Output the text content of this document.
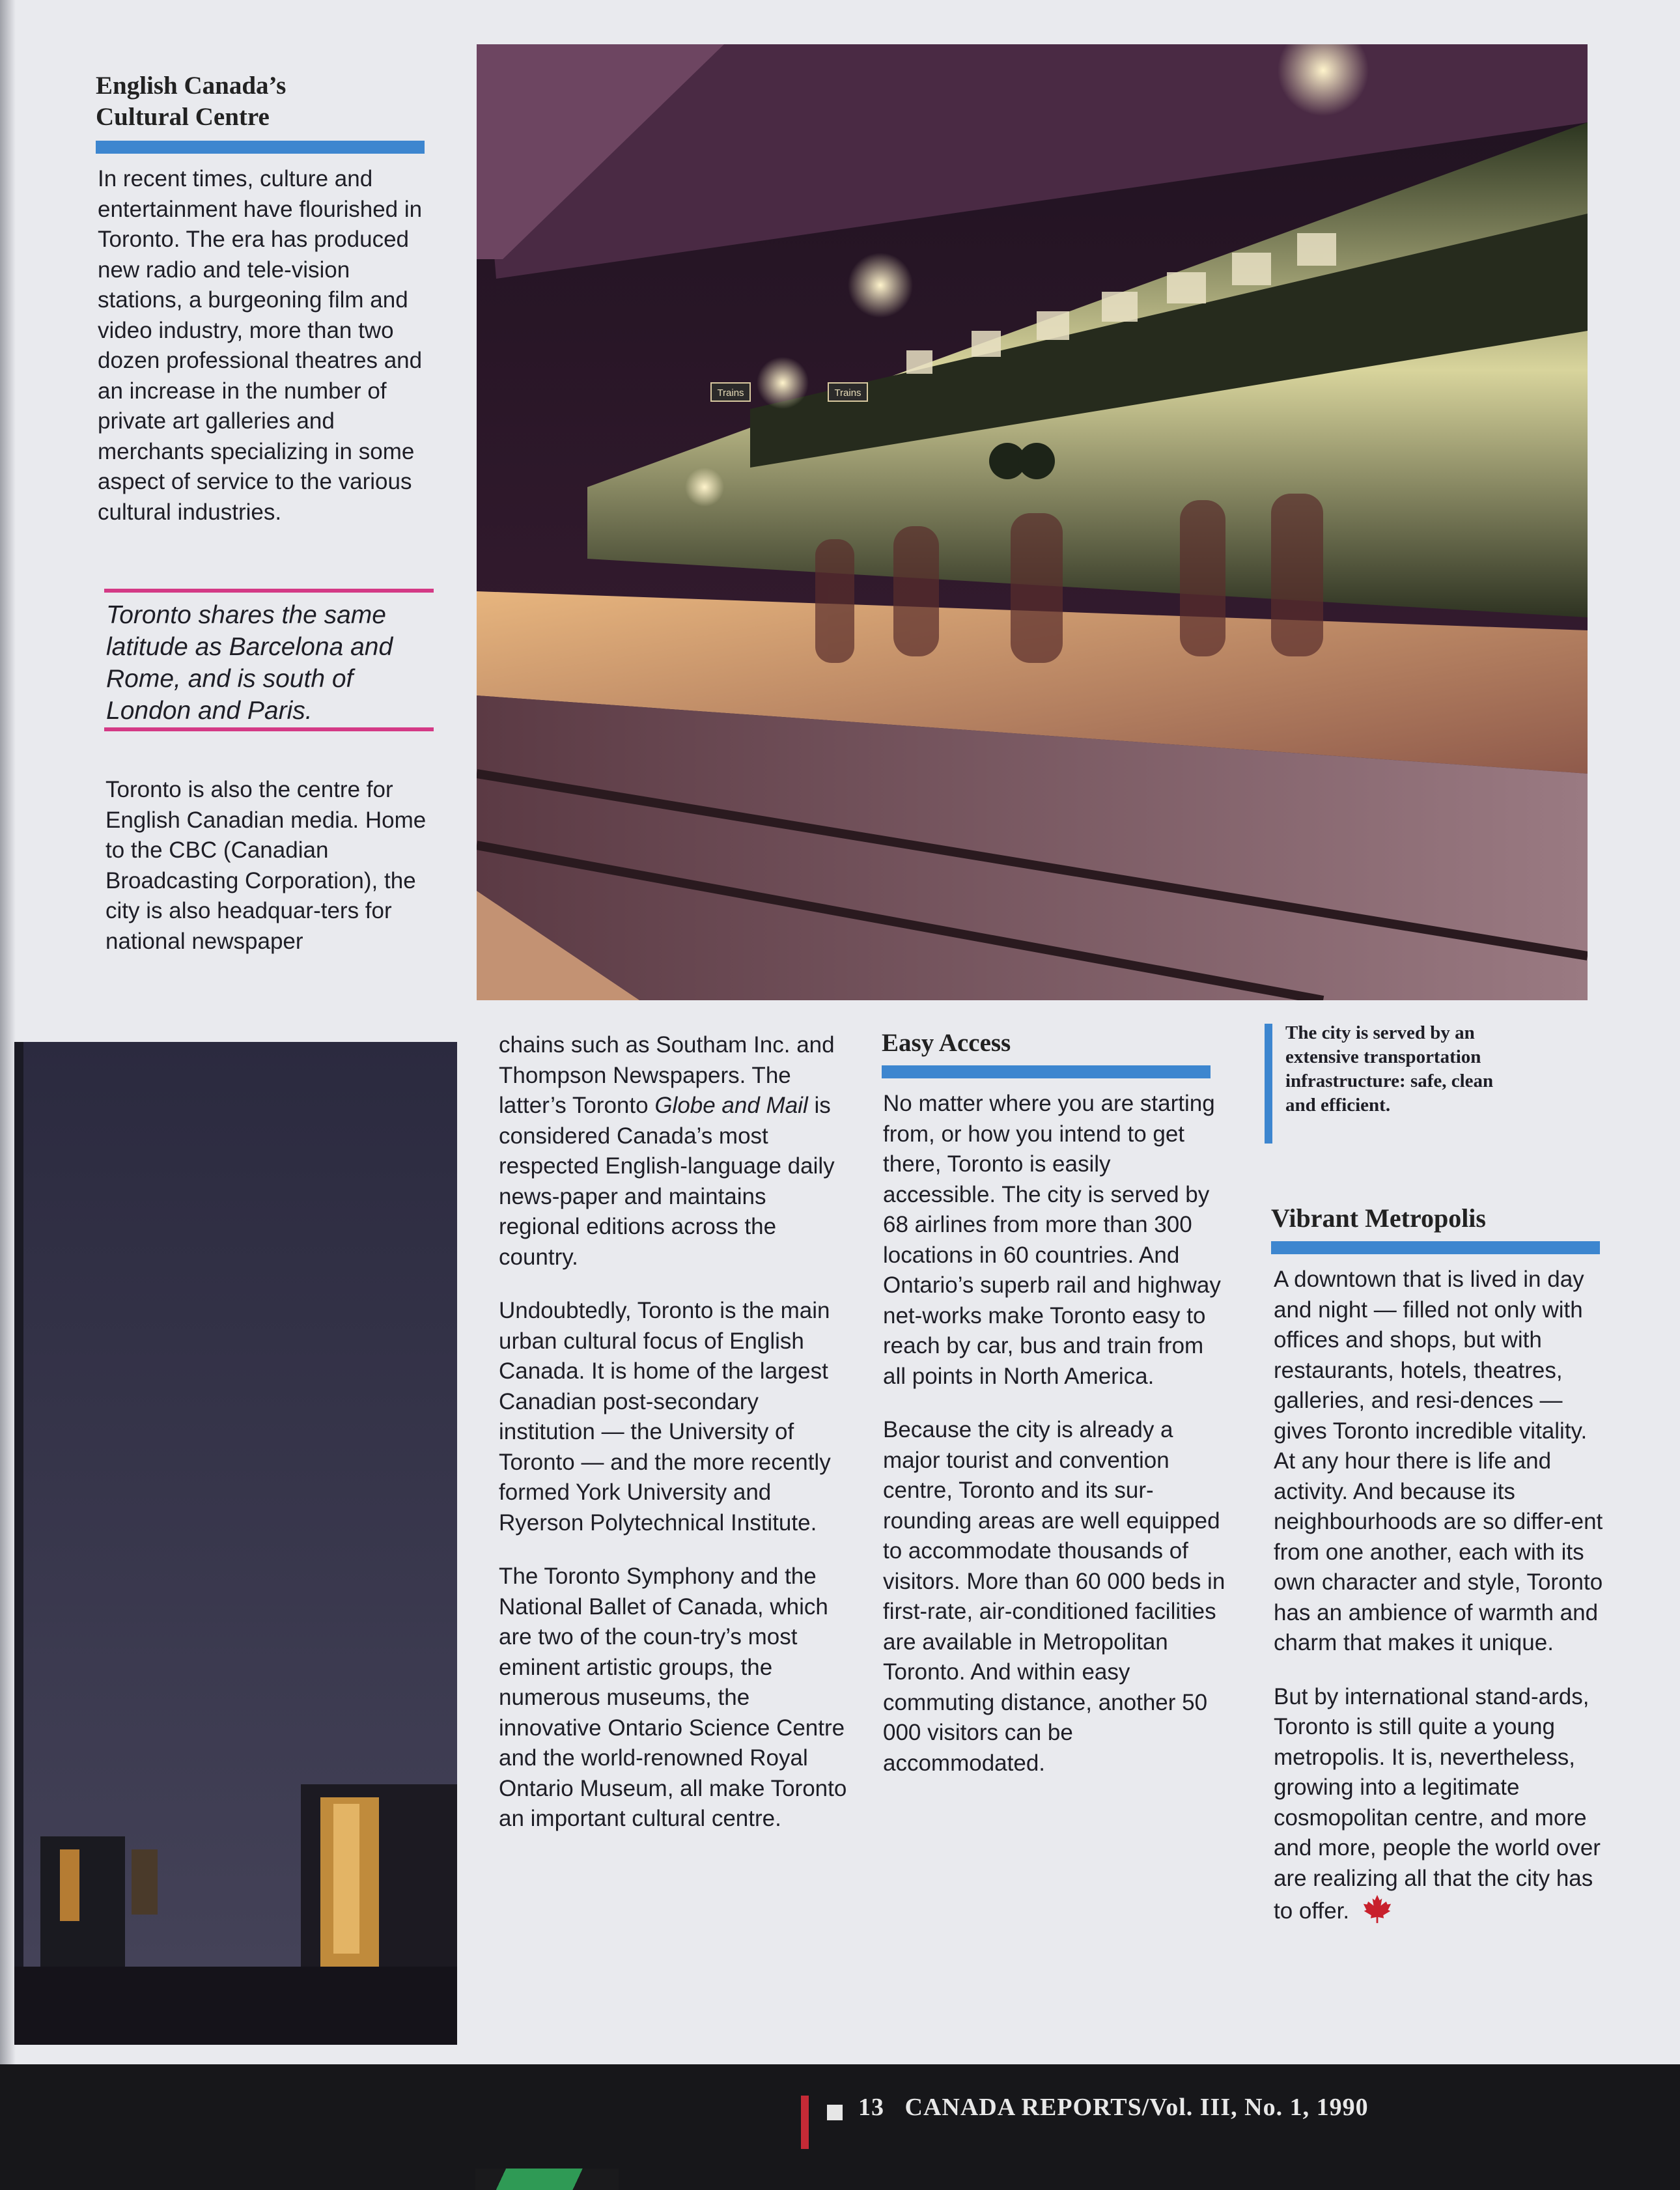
English Canada’s Cultural Centre

In recent times, culture and entertainment have flourished in Toronto. The era has produced new radio and tele-vision stations, a burgeoning film and video industry, more than two dozen professional theatres and an increase in the number of private art galleries and merchants specializing in some aspect of service to the various cultural industries.

Toronto shares the same latitude as Barcelona and Rome, and is south of London and Paris.

Toronto is also the centre for English Canadian media. Home to the CBC (Canadian Broadcasting Corporation), the city is also headquar-ters for national newspaper

Trains	Trains

chains such as Southam Inc. and Thompson Newspapers. The latter’s Toronto Globe and Mail is considered Canada’s most respected English-language daily news-paper and maintains regional editions across the country.

Undoubtedly, Toronto is the main urban cultural focus of English Canada. It is home of the largest Canadian post-secondary institution — the University of Toronto — and the more recently formed York University and Ryerson Polytechnical Institute.

The Toronto Symphony and the National Ballet of Canada, which are two of the coun-try’s most eminent artistic groups, the numerous museums, the innovative Ontario Science Centre and the world-renowned Royal Ontario Museum, all make Toronto an important cultural centre.

Easy Access

No matter where you are starting from, or how you intend to get there, Toronto is easily accessible. The city is served by 68 airlines from more than 300 locations in 60 countries. And Ontario’s superb rail and highway net-works make Toronto easy to reach by car, bus and train from all points in North America.

Because the city is already a major tourist and convention centre, Toronto and its sur-rounding areas are well equipped to accommodate thousands of visitors. More than 60 000 beds in first-rate, air-conditioned facilities are available in Metropolitan Toronto. And within easy commuting distance, another 50 000 visitors can be accommodated.

The city is served by an extensive transportation infrastructure: safe, clean and efficient.
Vibrant Metropolis

A downtown that is lived in day and night — filled not only with offices and shops, but with restaurants, hotels, theatres, galleries, and resi-dences — gives Toronto incredible vitality. At any hour there is life and activity. And because its neighbourhoods are so differ-ent from one another, each with its own character and style, Toronto has an ambience of warmth and charm that makes it unique.

But by international stand-ards, Toronto is still quite a young metropolis. It is, nevertheless, growing into a legitimate cosmopolitan centre, and more and more, people the world over are realizing all that the city has to offer.

13 CANADA REPORTS/Vol. III, No. 1, 1990
